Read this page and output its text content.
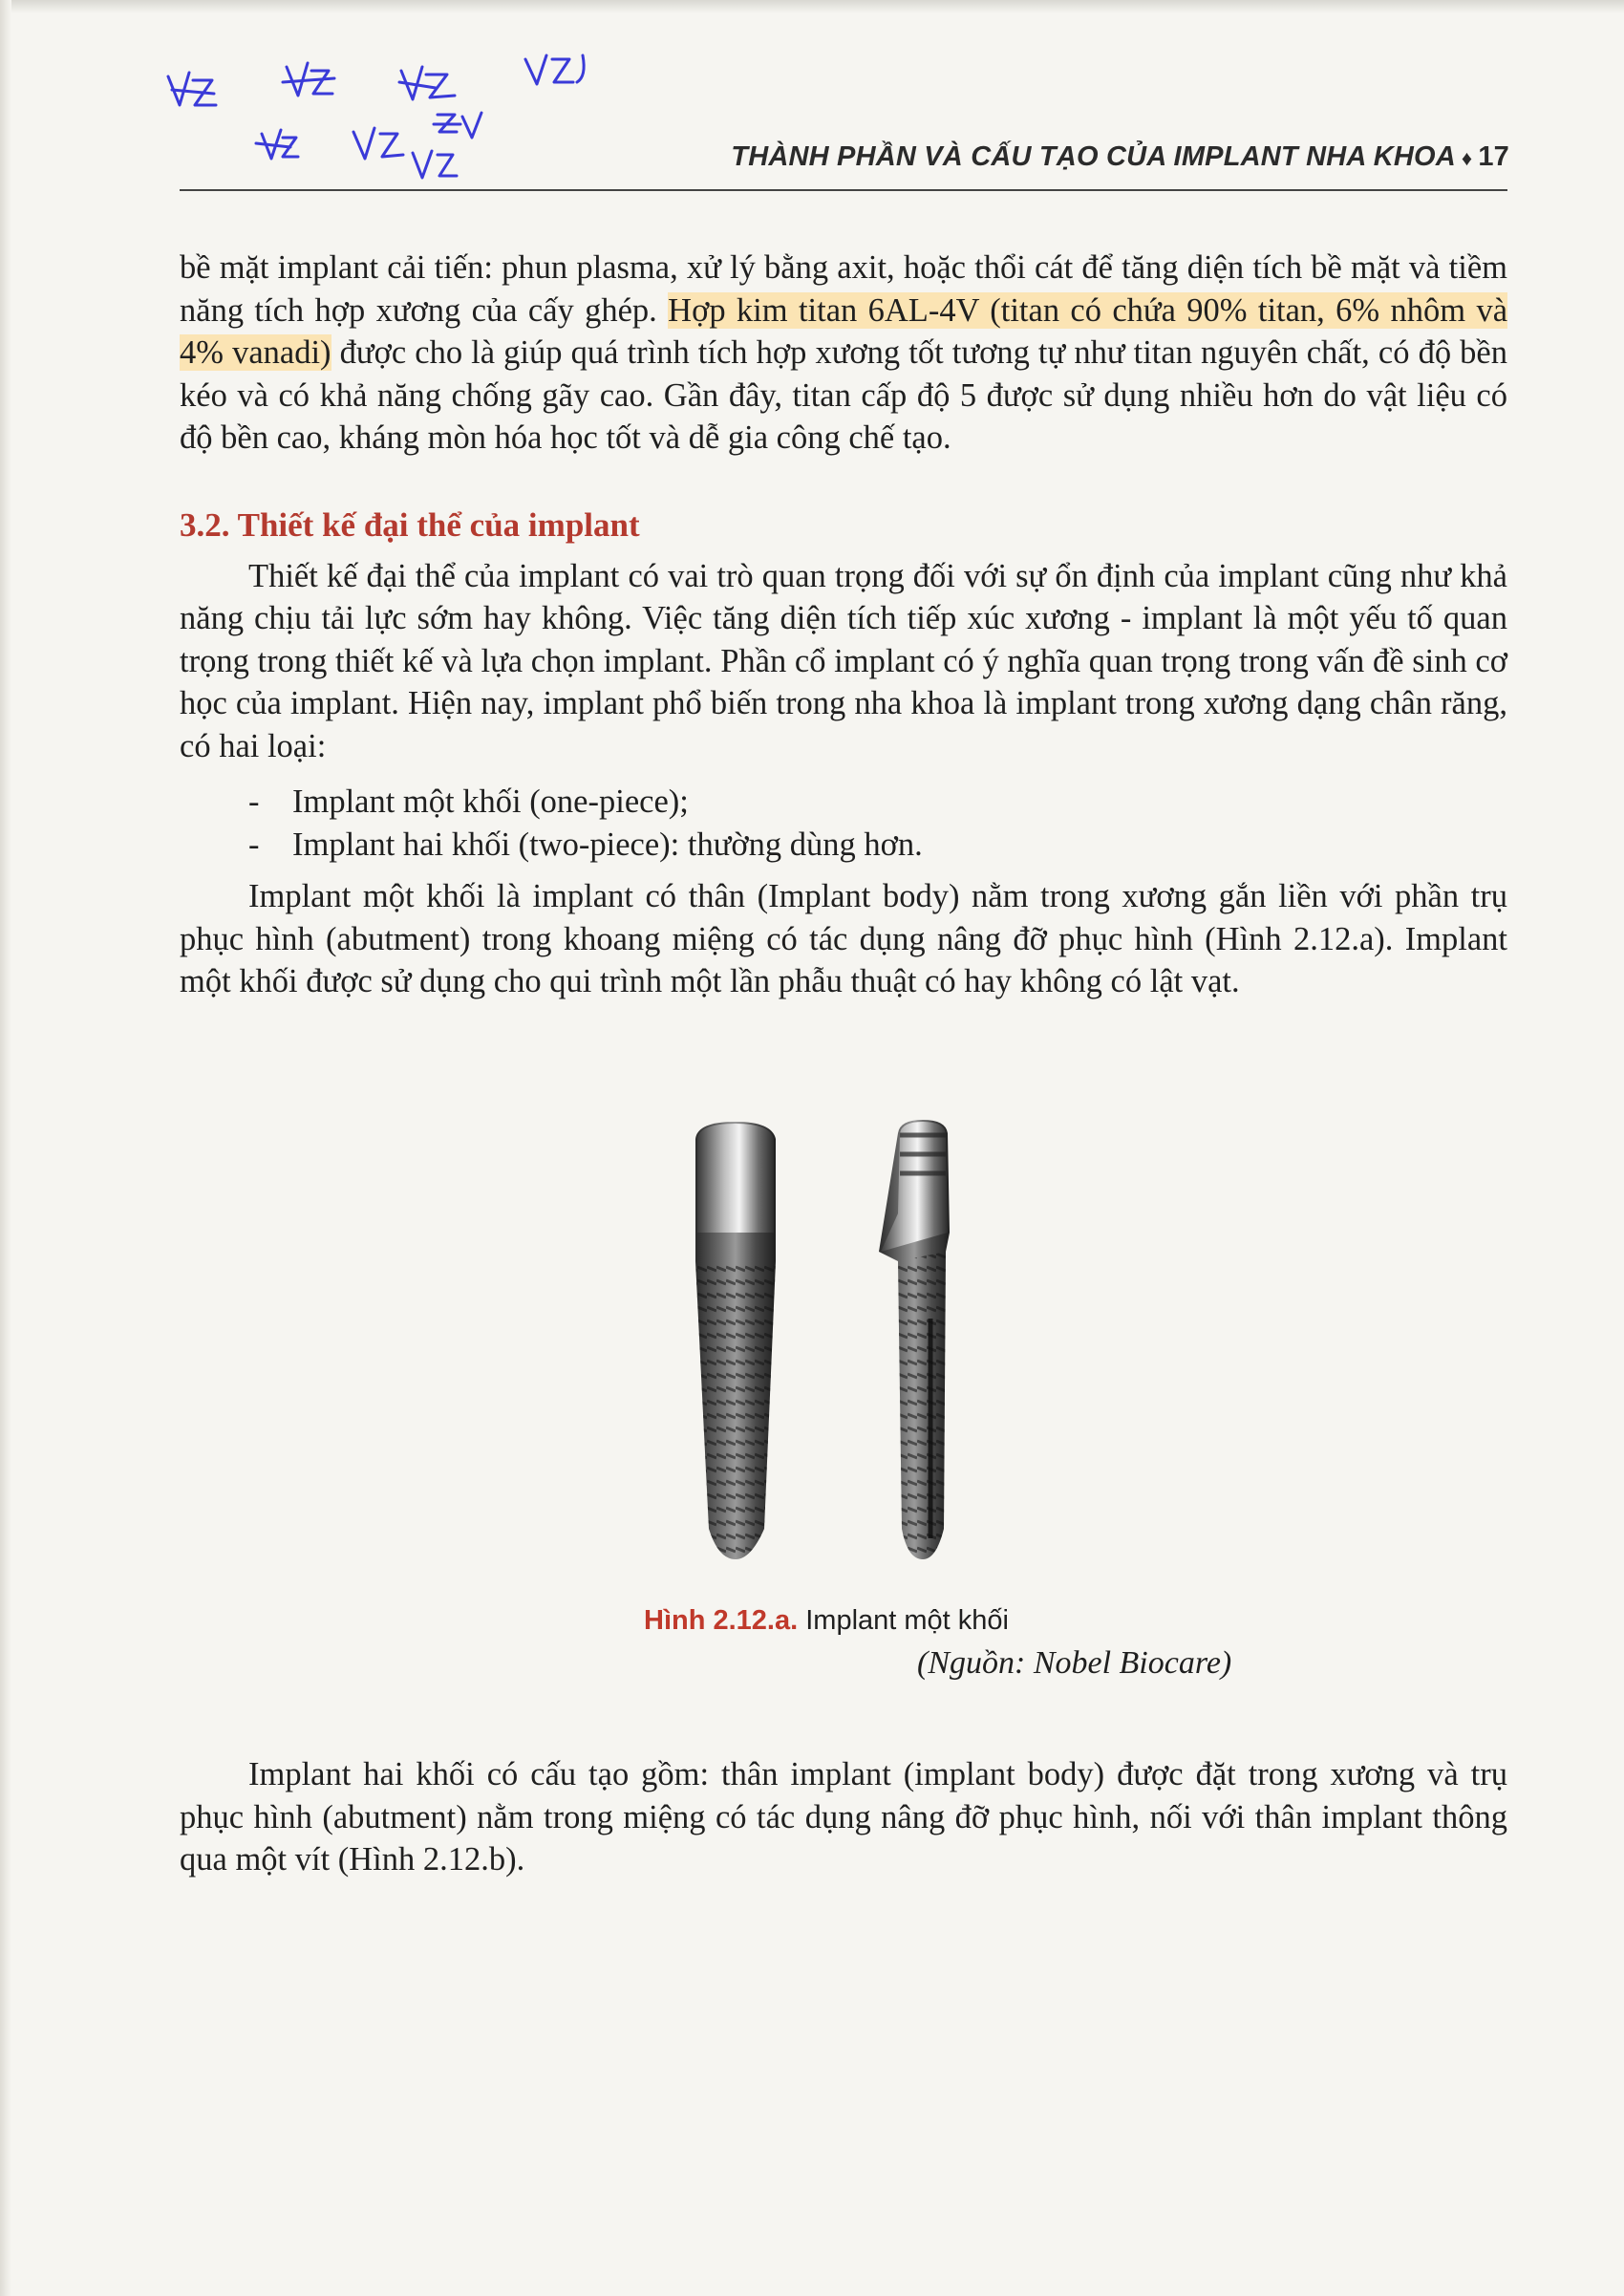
THÀNH PHẦN VÀ CẤU TẠO CỦA IMPLANT NHA KHOA ♦ 17

bề mặt implant cải tiến: phun plasma, xử lý bằng axit, hoặc thổi cát để tăng diện tích bề mặt và tiềm năng tích hợp xương của cấy ghép. Hợp kim titan 6AL-4V (titan có chứa 90% titan, 6% nhôm và 4% vanadi) được cho là giúp quá trình tích hợp xương tốt tương tự như titan nguyên chất, có độ bền kéo và có khả năng chống gãy cao. Gần đây, titan cấp độ 5 được sử dụng nhiều hơn do vật liệu có độ bền cao, kháng mòn hóa học tốt và dễ gia công chế tạo.

3.2. Thiết kế đại thể của implant

Thiết kế đại thể của implant có vai trò quan trọng đối với sự ổn định của implant cũng như khả năng chịu tải lực sớm hay không. Việc tăng diện tích tiếp xúc xương - implant là một yếu tố quan trọng trong thiết kế và lựa chọn implant. Phần cổ implant có ý nghĩa quan trọng trong vấn đề sinh cơ học của implant. Hiện nay, implant phổ biến trong nha khoa là implant trong xương dạng chân răng, có hai loại:

- Implant một khối (one-piece);
- Implant hai khối (two-piece): thường dùng hơn.

Implant một khối là implant có thân (Implant body) nằm trong xương gắn liền với phần trụ phục hình (abutment) trong khoang miệng có tác dụng nâng đỡ phục hình (Hình 2.12.a). Implant một khối được sử dụng cho qui trình một lần phẫu thuật có hay không có lật vạt.

Hình 2.12.a. Implant một khối
(Nguồn: Nobel Biocare)

Implant hai khối có cấu tạo gồm: thân implant (implant body) được đặt trong xương và trụ phục hình (abutment) nằm trong miệng có tác dụng nâng đỡ phục hình, nối với thân implant thông qua một vít (Hình 2.12.b).
